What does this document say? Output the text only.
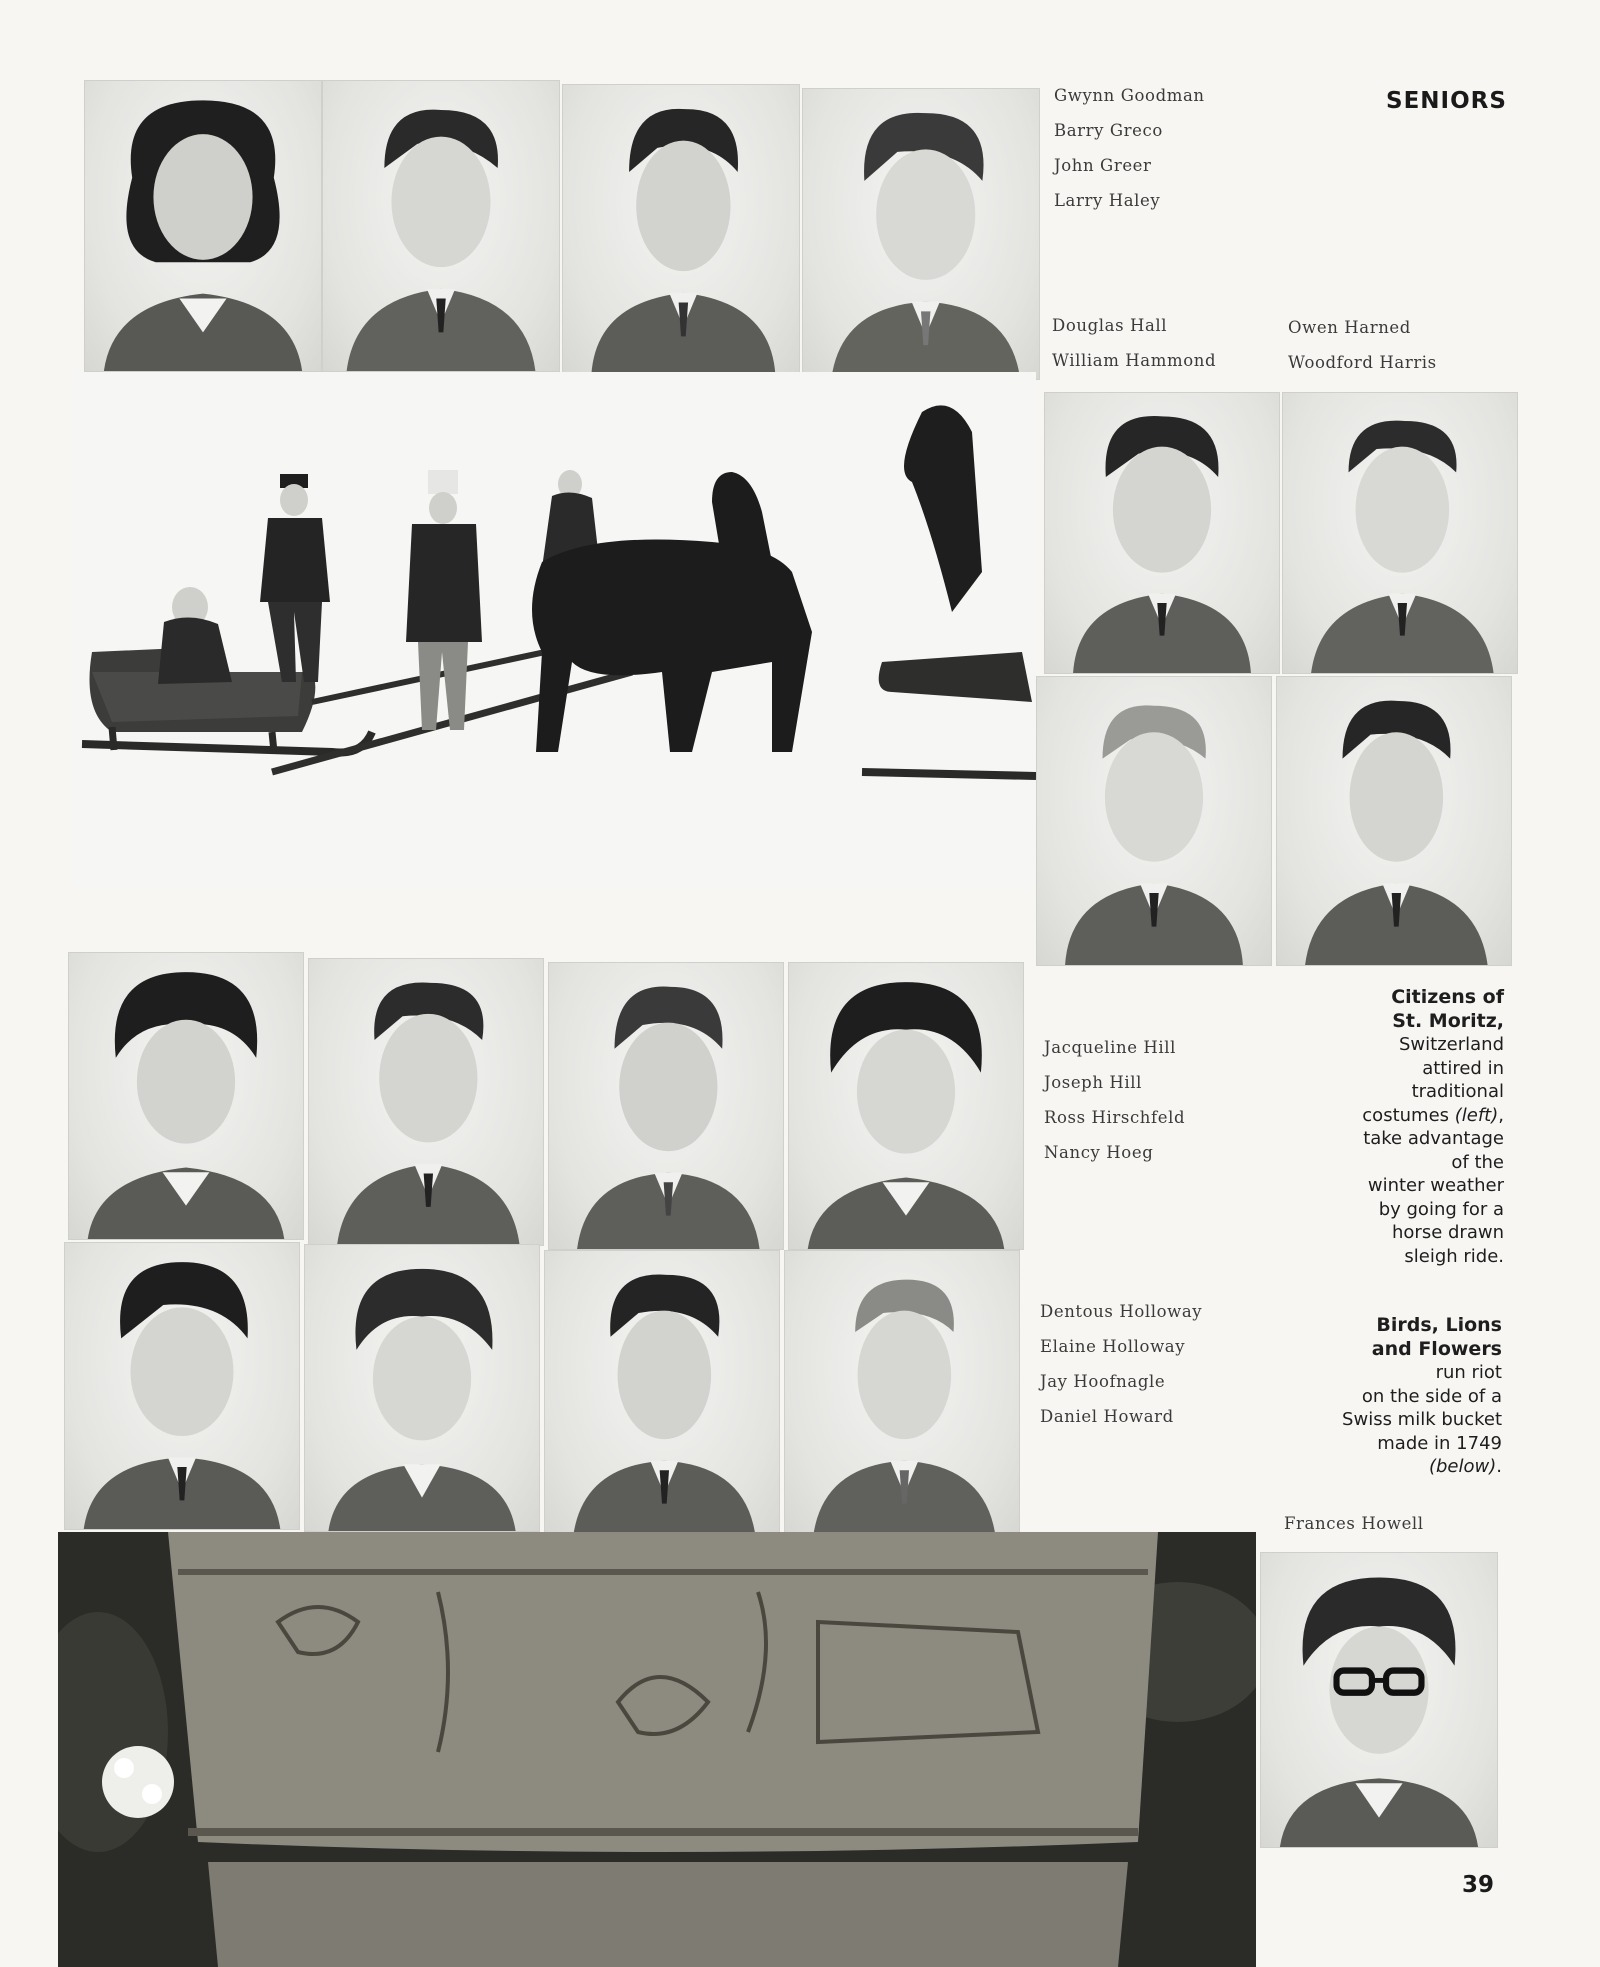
SENIORS
Gwynn Goodman
Barry Greco
John Greer
Larry Haley
Douglas Hall
William Hammond
Owen Harned
Woodford Harris
Jacqueline Hill
Joseph Hill
Ross Hirschfeld
Nancy Hoeg
Dentous Holloway
Elaine Holloway
Jay Hoofnagle
Daniel Howard
Citizens of
St. Moritz,
Switzerland
attired in
traditional
costumes (left),
take advantage
of the
winter weather
by going for a
horse drawn
sleigh ride.
Birds, Lions
and Flowers
run riot
on the side of a
Swiss milk bucket
made in 1749
(below).
Frances Howell
39
